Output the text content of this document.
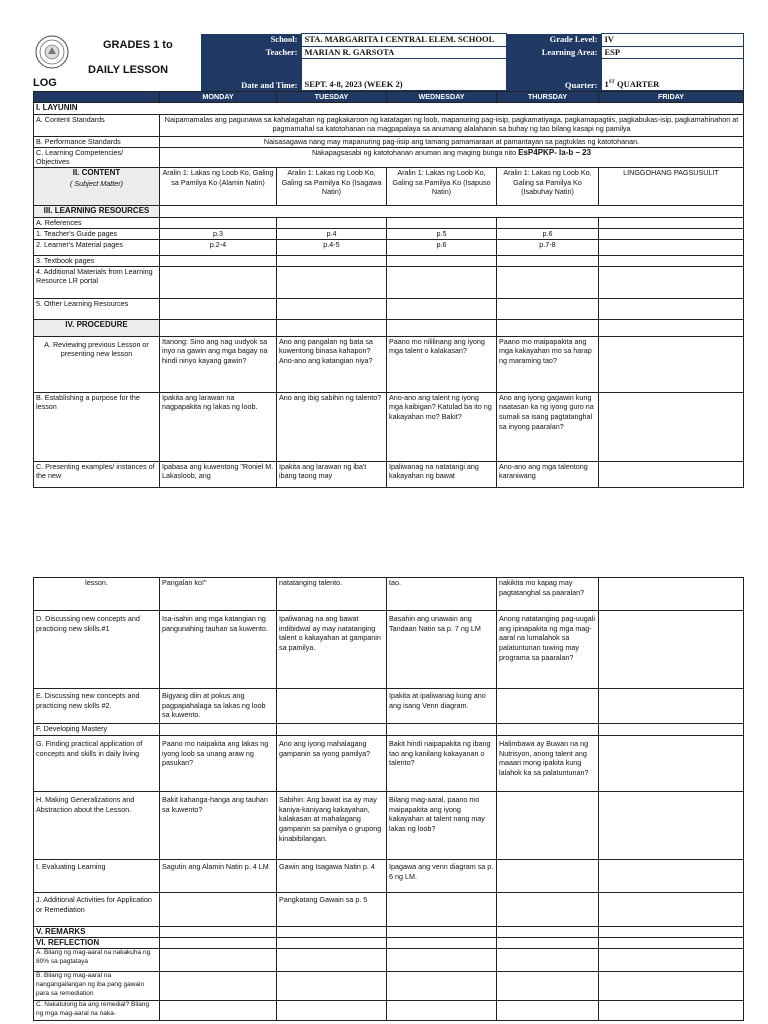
GRADES 1 to
DAILY LESSON
LOG
School:	STA. MARGARITA I CENTRAL ELEM. SCHOOL	Grade Level:	IV
Teacher:	MARIAN R. GARSOTA	Learning Area:	ESP
Date and Time:	SEPT. 4-8, 2023 (WEEK 2)	Quarter:	1ST QUARTER
	MONDAY	TUESDAY	WEDNESDAY	THURSDAY	FRIDAY
I. LAYUNIN					
A. Content Standards	Naipamamalas ang pagunawa sa kahalagahan ng pagkakaroon ng katatagan ng loob, mapanuring pag-iisip, pagkamatiyaga, pagkamapagtiis, pagkabukas-isip, pagkamahinahon at pagmamahal sa katotohanan na magpapalaya sa anumang alalahanin sa buhay ng tao bilang kasapi ng pamilya				
B. Performance Standards	Naisasagawa nang may mapanuring pag-iisip ang tamang pamamaraan at pamantayan sa pagtuklas ng katotohanan.				
C. Learning Competencies/ Objectives	Nakapagsasabi ng katotohanan anuman ang maging bunga nito EsP4PKP- Ia-b – 23				
II. CONTENT
( Subject Matter)	Aralin 1: Lakas ng Loob Ko, Galing sa Pamilya Ko (Alamin Natin)	Aralin 1: Lakas ng Loob Ko, Galing sa Pamilya Ko (Isagawa Natin)	Aralin 1: Lakas ng Loob Ko, Galing sa Pamilya Ko (Isapuso Natin)	Aralin 1: Lakas ng Loob Ko, Galing sa Pamilya Ko (Isabuhay Natin)	LINGGOHANG PAGSUSULIT
III. LEARNING RESOURCES					
A. References					
1. Teacher's Guide pages	p.3	p.4	p.5	p.6	
2. Learner's Material pages	p.2-4	p.4-5	p.6	p.7-8	
3. Textbook pages					
4. Additional Materials from Learning Resource LR portal					
5. Other Learning Resources					
IV. PROCEDURE					
A. Reviewing previous Lesson or presenting new lesson	Itanong: Sino ang nag uudyok sa inyo na gawin ang mga bagay na hindi ninyo kayang gawin?	Ano ang pangalan ng bata sa kuwentong binasa kahapon? Ano-ano ang katangian niya?	Paano mo nililinang ang iyong mga talent o kalakasan?	Paano mo maipapakita ang mga kakayahan mo sa harap ng maraming tao?	
B. Establishing a purpose for the lesson	Ipakita ang larawan na nagpapakita ng lakas ng loob.	Ano ang ibig sabihin ng talento?	Ano-ano ang talent ng iyong mga kaibigan? Katulad ba ito ng kakayahan mo? Bakit?	Ano ang iyong gagawin kung naatasan ka ng iyong guro na sumali sa isang pagtatanghal sa inyong paaralan?	
C. Presenting examples/ instances of the new	Ipabasa ang kuwentong "Roniel M. Lakasloob, ang	Ipakita ang larawan ng iba't ibang taong may	Ipaliwanag na natatangi ang kakayahan ng bawat	Ano-ano ang mga talentong karaniwang	
lesson.	Pangalan ko!"	natatanging talento.	tao.	nakikita mo kapag may pagtatanghal sa paaralan?	
D. Discussing new concepts and practicing new skills.#1	Isa-isahin ang mga katangian ng pangunahing tauhan sa kuwento.	Ipaliwanag na ang bawat indibidwal ay may natatanging talent o kakayahan at gampanin sa pamilya.	Basahin ang unawain ang Tandaan Natin sa p. 7 ng LM	Anong natatanging pag-uugali ang ipinapakita ng mga mag-aaral na lumalahok sa palatuntunan tuwing may programa sa paaralan?	
E. Discussing new concepts and practicing new skills #2.	Bigyang diin at pokus ang pagpapahalaga sa lakas ng loob sa kuwento.		Ipakita at ipaliwanag kung ano ang isang Venn diagram.		
F. Developing Mastery					
G. Finding practical application of concepts and skills in daily living	Paano mo naipakita ang lakas ng iyong loob sa unang araw ng pasukan?	Ano ang iyong mahalagang gampanin sa iyong pamilya?	Bakit hindi naipapakita ng ibang tao ang kanilang kakayanan o talento?	Halimbawa ay Buwan na ng Nutrisyon, anong talent ang maaari mong ipakita kung lalahok ka sa palatuntunan?	
H. Making Generalizations and Abstraction about the Lesson.	Bakit kahanga-hanga ang tauhan sa kuwento?	Sabihin: Ang bawat isa ay may kaniya-kaniyang kakayahan, kalakasan at mahalagang gampanin sa pamilya o grupong kinabibilangan.	Bilang mag-aaral, paano mo maipapakita ang iyong kakayahan at talent nang may lakas ng loob?		
I. Evaluating Learning	Sagutin ang Alamin Natin p. 4 LM	Gawin ang Isagawa Natin p. 4	Ipagawa ang venn diagram sa p. 6 ng LM.		
J. Additional Activities for Application or Remediation		Pangkatang Gawain sa p. 5			
V. REMARKS					
VI. REFLECTION					
A. Bilang ng mag-aaral na nakakuha ng 80% sa pagtataya					
B. Bilang ng mag-aaral na nangangailangan ng iba pang gawain para sa remediation					
C. Nakatulong ba ang remedial? Bilang ng mga mag-aaral na naka-					
